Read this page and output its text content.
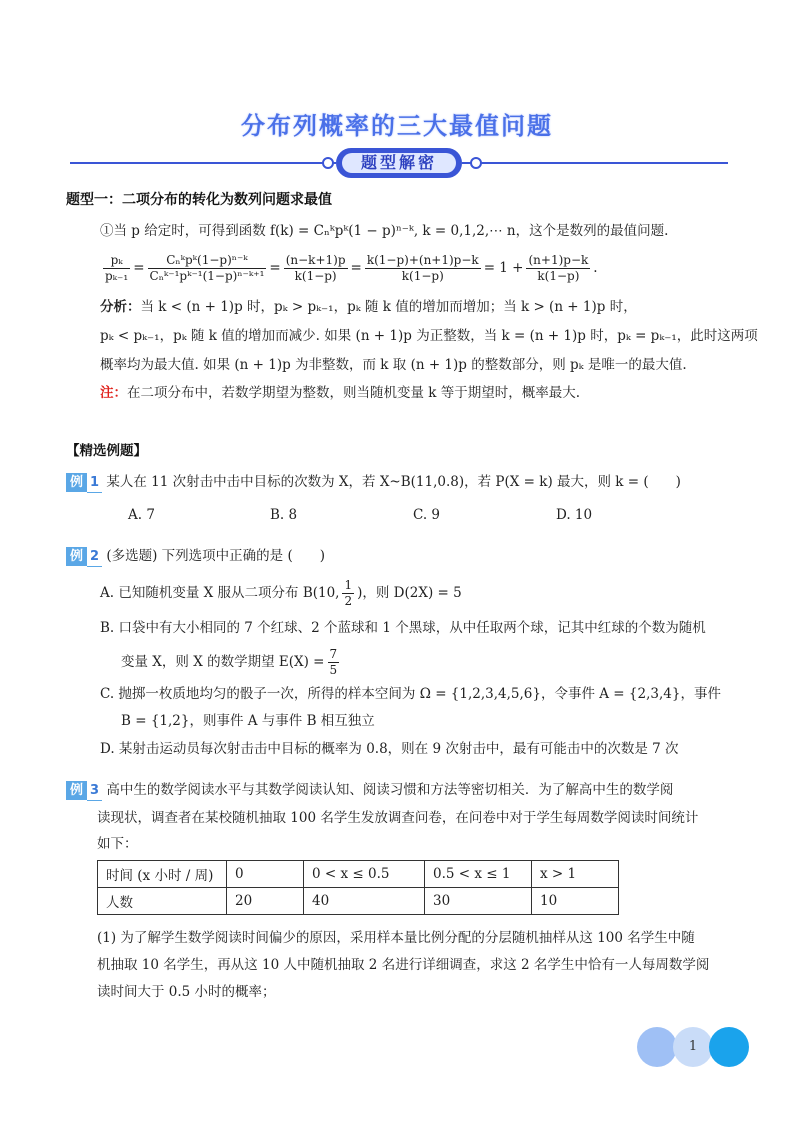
分布列概率的三大最值问题
题型解密
题型一：二项分布的转化为数列问题求最值
①当 p 给定时，可得到函数 f(k) = Cₙᵏpᵏ(1 − p)ⁿ⁻ᵏ, k = 0,1,2,⋯ n，这个是数列的最值问题.
$\frac{\text{pₖ}}{\text{pₖ₋₁}} = \frac{\text{Cₙᵏpᵏ(1−p)ⁿ⁻ᵏ}}{\text{Cₙᵏ⁻¹pᵏ⁻¹(1−p)ⁿ⁻ᵏ⁺¹}} = \frac{(n-k+1)p}{k(1-p)} = \frac{k(1-p)+(n+1)p-k}{k(1-p)} = 1 + \frac{(n+1)p-k}{k(1-p)}$ .
分析：当 k < (n + 1)p 时，pₖ > pₖ₋₁，pₖ 随 k 值的增加而增加；当 k > (n + 1)p 时，
pₖ < pₖ₋₁，pₖ 随 k 值的增加而减少. 如果 (n + 1)p 为正整数，当 k = (n + 1)p 时，pₖ = pₖ₋₁，此时这两项
概率均为最大值. 如果 (n + 1)p 为非整数，而 k 取 (n + 1)p 的整数部分，则 pₖ 是唯一的最大值.
注：在二项分布中，若数学期望为整数，则当随机变量 k 等于期望时，概率最大.
【精选例题】
例 1 某人在 11 次射击中击中目标的次数为 X，若 X~B(11,0.8)，若 P(X = k) 最大，则 k = (　　)
A. 7	B. 8	C. 9	D. 10
例 2 (多选题) 下列选项中正确的是 (　　)
A. 已知随机变量 X 服从二项分布 B(10, $\frac{1}{2}$ )，则 D(2X) = 5
B. 口袋中有大小相同的 7 个红球、2 个蓝球和 1 个黑球，从中任取两个球，记其中红球的个数为随机
变量 X，则 X 的数学期望 $E(X) = \frac{7}{5}$
C. 抛掷一枚质地均匀的骰子一次，所得的样本空间为 Ω = {1,2,3,4,5,6}，令事件 A = {2,3,4}，事件
B = {1,2}，则事件 A 与事件 B 相互独立
D. 某射击运动员每次射击击中目标的概率为 0.8，则在 9 次射击中，最有可能击中的次数是 7 次
例 3 高中生的数学阅读水平与其数学阅读认知、阅读习惯和方法等密切相关．为了解高中生的数学阅
读现状，调查者在某校随机抽取 100 名学生发放调查问卷，在问卷中对于学生每周数学阅读时间统计
如下：
时间 (x 小时 / 周)	0	0 < x ≤ 0.5	0.5 < x ≤ 1	x > 1
人数	20	40	30	10
(1) 为了解学生数学阅读时间偏少的原因，采用样本量比例分配的分层随机抽样从这 100 名学生中随
机抽取 10 名学生，再从这 10 人中随机抽取 2 名进行详细调查，求这 2 名学生中恰有一人每周数学阅
读时间大于 0.5 小时的概率；
1
